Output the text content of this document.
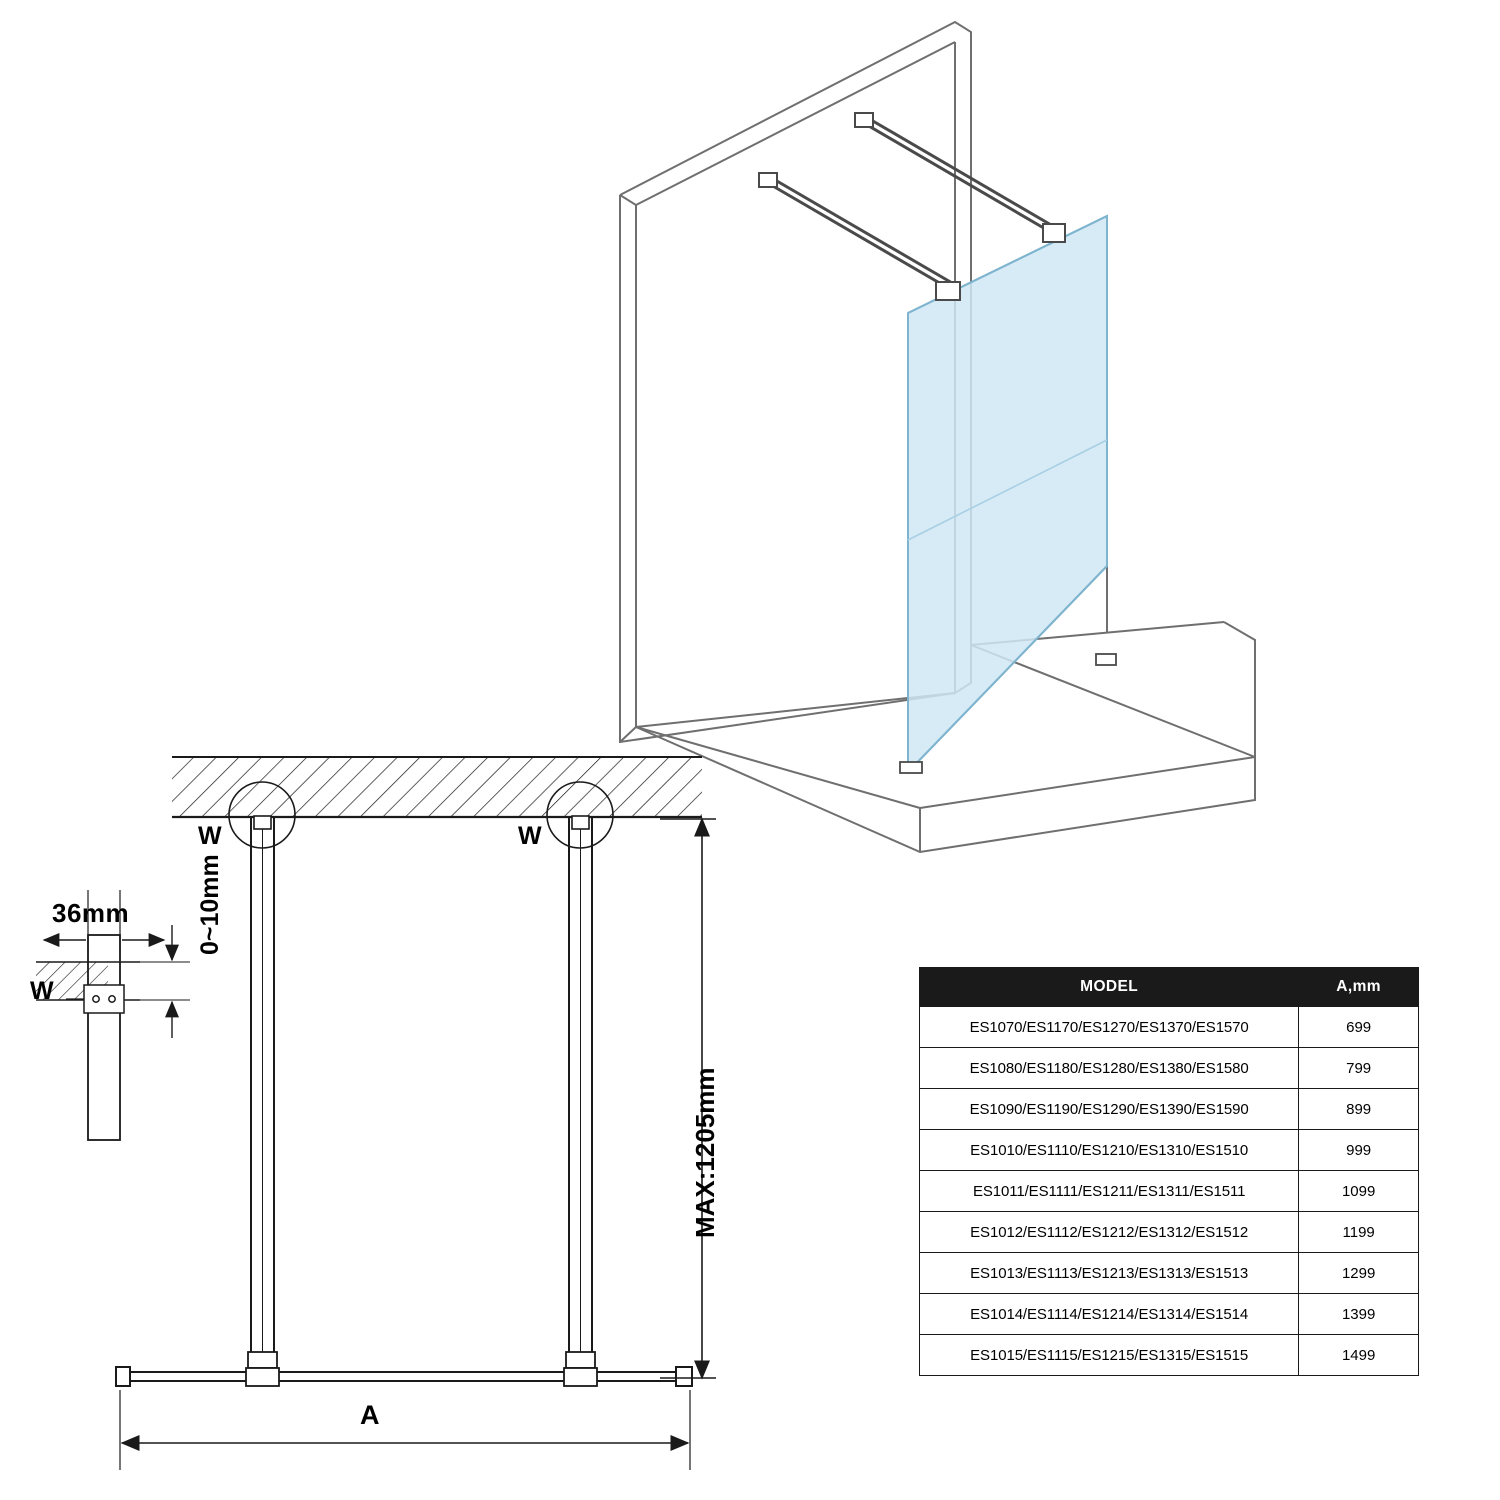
36mm	0~10mm
W	W
W
MAX:1205mm
A
MODEL	A,mm
ES1070/ES1170/ES1270/ES1370/ES1570	699
ES1080/ES1180/ES1280/ES1380/ES1580	799
ES1090/ES1190/ES1290/ES1390/ES1590	899
ES1010/ES1110/ES1210/ES1310/ES1510	999
ES1011/ES1111/ES1211/ES1311/ES1511	1099
ES1012/ES1112/ES1212/ES1312/ES1512	1199
ES1013/ES1113/ES1213/ES1313/ES1513	1299
ES1014/ES1114/ES1214/ES1314/ES1514	1399
ES1015/ES1115/ES1215/ES1315/ES1515	1499
